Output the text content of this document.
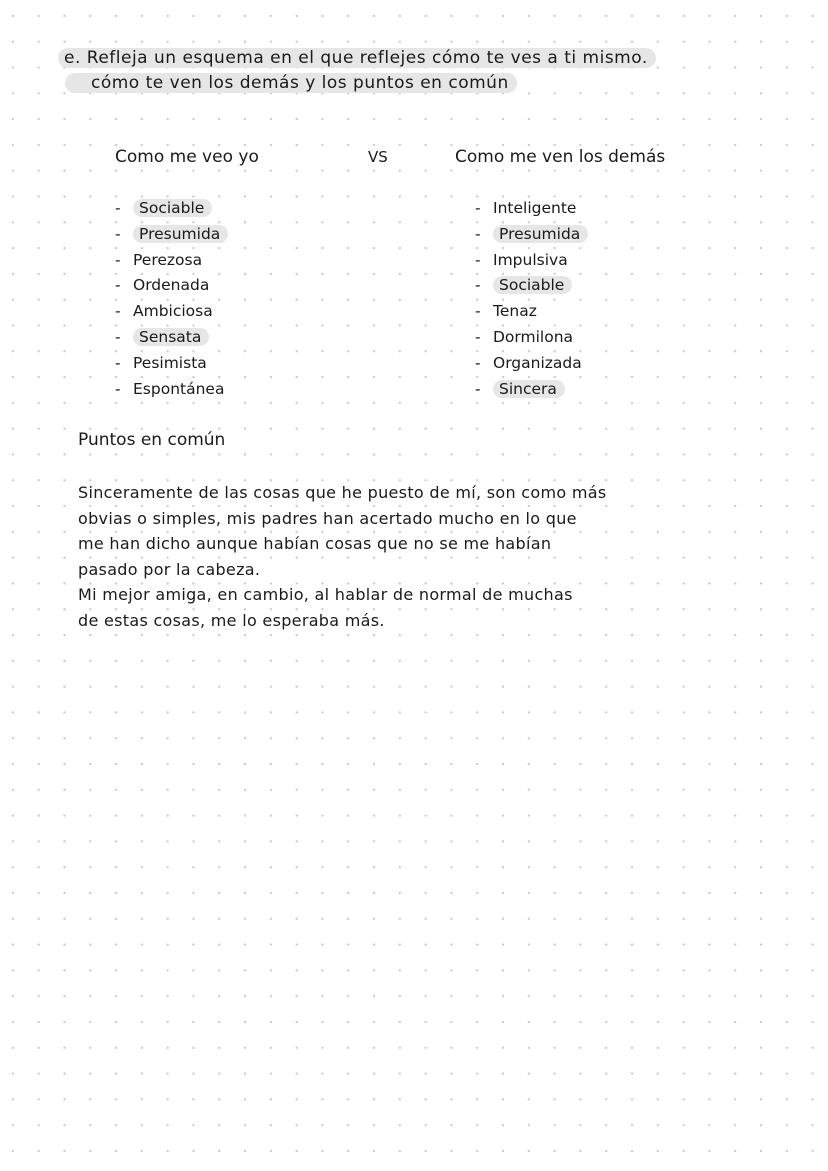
e. Refleja un esquema en el que reflejes cómo te ves a ti mismo.
cómo te ven los demás y los puntos en común
Como me veo yo	VS	Como me ven los demás
- Sociable
- Presumida
- Perezosa
- Ordenada
- Ambiciosa
- Sensata
- Pesimista
- Espontánea
- Inteligente
- Presumida
- Impulsiva
- Sociable
- Tenaz
- Dormilona
- Organizada
- Sincera
Puntos en común
Sinceramente de las cosas que he puesto de mí, son como más
obvias o simples, mis padres han acertado mucho en lo que
me han dicho aunque habían cosas que no se me habían
pasado por la cabeza.
Mi mejor amiga, en cambio, al hablar de normal de muchas
de estas cosas, me lo esperaba más.
